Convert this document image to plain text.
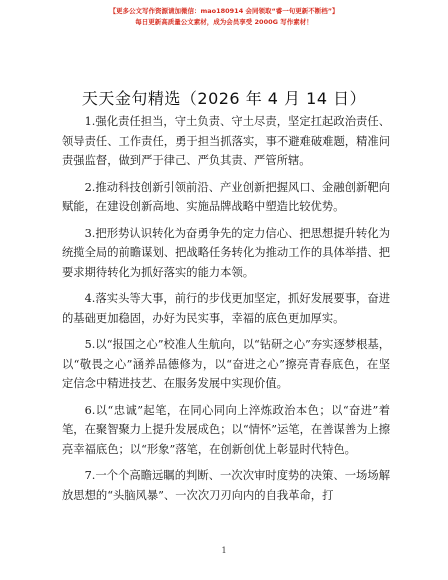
【更多公文写作资源请加微信：mao180914 会同领取“睿一句更新不断档”】
每日更新高质量公文素材，成为会员享受 2000G 写作素材！
天天金句精选（2026 年 4 月 14 日）

1.强化责任担当，守土负责、守土尽责，坚定扛起政治责任、领导责任、工作责任，勇于担当抓落实，事不避难破难题，精准问责强监督，做到严于律己、严负其责、严管所辖。

2.推动科技创新引领前沿、产业创新把握风口、金融创新靶向赋能，在建设创新高地、实施品牌战略中塑造比较优势。

3.把形势认识转化为奋勇争先的定力信心、把思想提升转化为统揽全局的前瞻谋划、把战略任务转化为推动工作的具体举措、把要求期待转化为抓好落实的能力本领。

4.落实头等大事，前行的步伐更加坚定，抓好发展要事，奋进的基础更加稳固，办好为民实事，幸福的底色更加厚实。

5.以“报国之心”校准人生航向，以“钻研之心”夯实逐梦根基，以“敬畏之心”涵养品德修为，以“奋进之心”擦亮青春底色，在坚定信念中精进技艺、在服务发展中实现价值。

6.以“忠诚”起笔，在同心同向上淬炼政治本色；以“奋进”着笔，在聚智聚力上提升发展成色；以“情怀”运笔，在善谋善为上擦亮幸福底色；以“形象”落笔，在创新创优上彰显时代特色。

7.一个个高瞻远瞩的判断、一次次审时度势的决策、一场场解放思想的“头脑风暴”、一次次刀刃向内的自我革命，打

1
